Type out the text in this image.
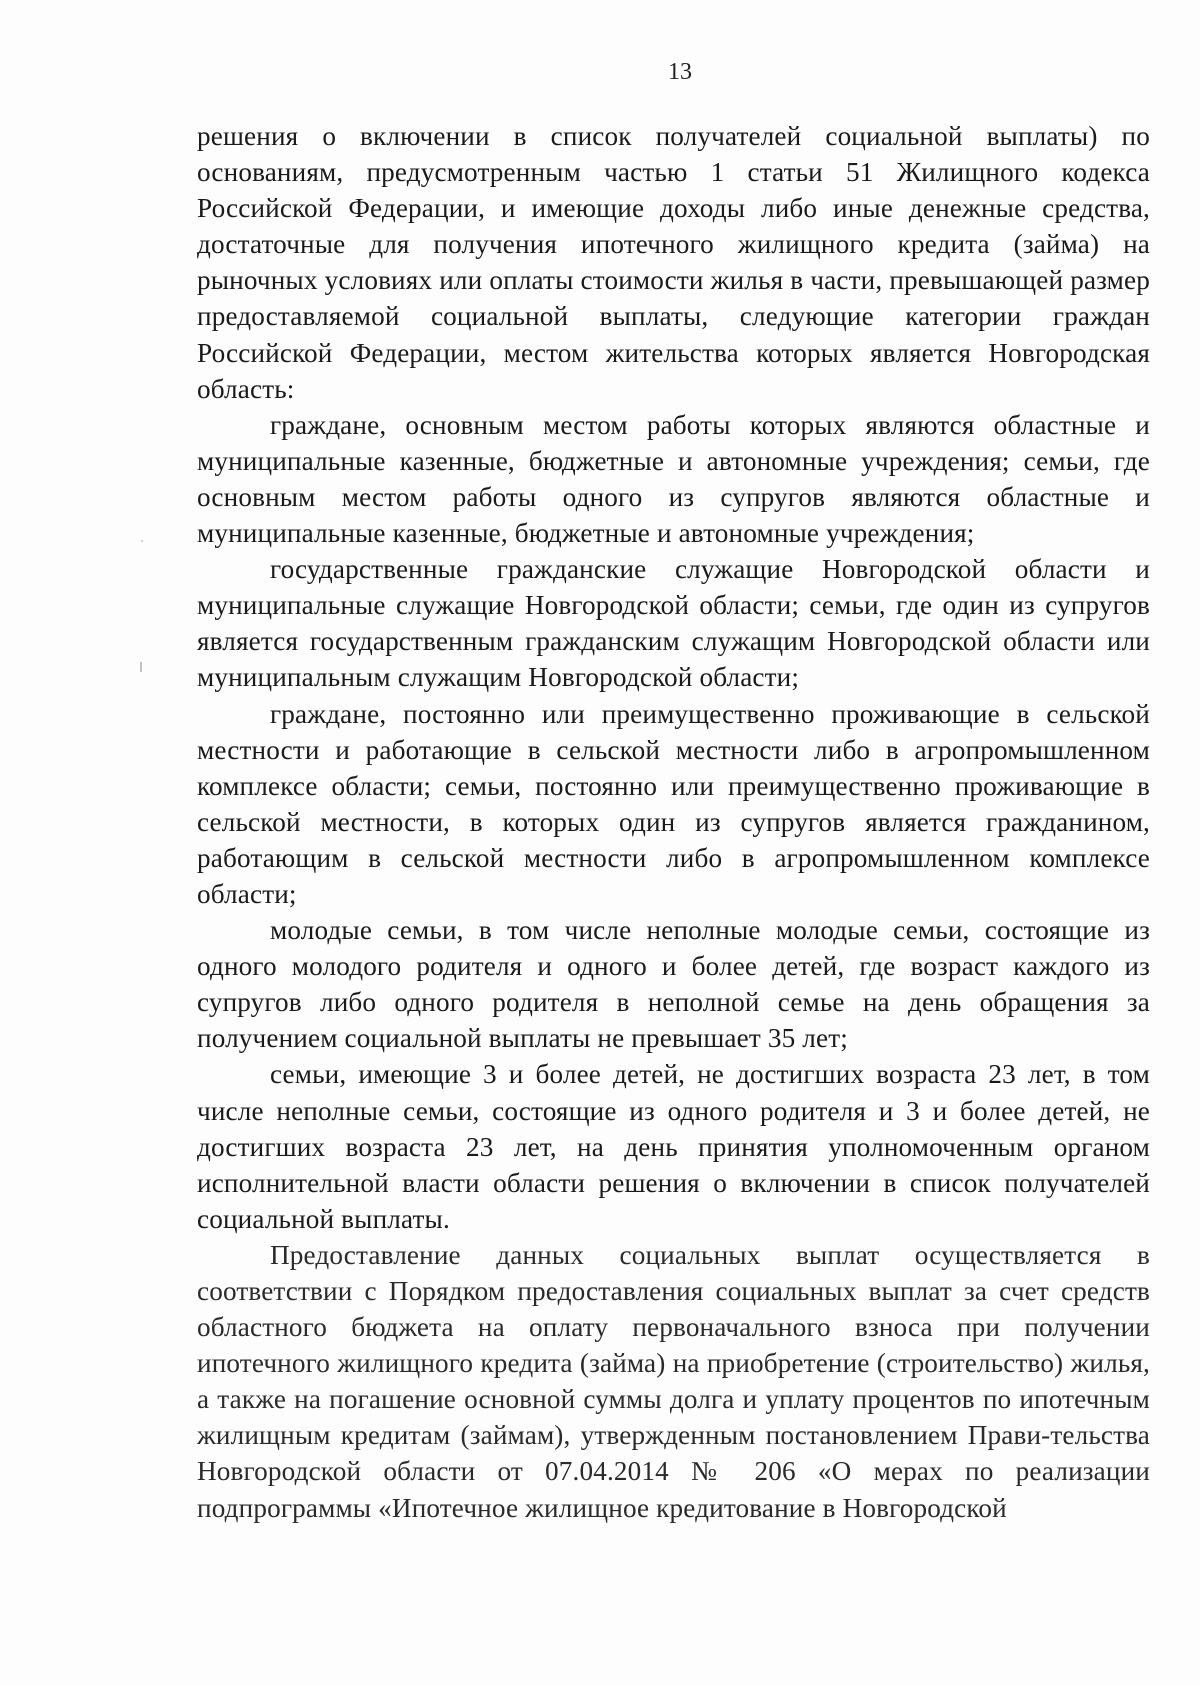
13

решения о включении в список получателей социальной выплаты) по основаниям, предусмотренным частью 1 статьи 51 Жилищного кодекса Российской Федерации, и имеющие доходы либо иные денежные средства, достаточные для получения ипотечного жилищного кредита (займа) на рыночных условиях или оплаты стоимости жилья в части, превышающей размер предоставляемой социальной выплаты, следующие категории граждан Российской Федерации, местом жительства которых является Новгородская область:

граждане, основным местом работы которых являются областные и муниципальные казенные, бюджетные и автономные учреждения; семьи, где основным местом работы одного из супругов являются областные и муниципальные казенные, бюджетные и автономные учреждения;

государственные гражданские служащие Новгородской области и муниципальные служащие Новгородской области; семьи, где один из супругов является государственным гражданским служащим Новгородской области или муниципальным служащим Новгородской области;

граждане, постоянно или преимущественно проживающие в сельской местности и работающие в сельской местности либо в агропромышленном комплексе области; семьи, постоянно или преимущественно проживающие в сельской местности, в которых один из супругов является гражданином, работающим в сельской местности либо в агропромышленном комплексе области;

молодые семьи, в том числе неполные молодые семьи, состоящие из одного молодого родителя и одного и более детей, где возраст каждого из супругов либо одного родителя в неполной семье на день обращения за получением социальной выплаты не превышает 35 лет;

семьи, имеющие 3 и более детей, не достигших возраста 23 лет, в том числе неполные семьи, состоящие из одного родителя и 3 и более детей, не достигших возраста 23 лет, на день принятия уполномоченным органом исполнительной власти области решения о включении в список получателей социальной выплаты.

Предоставление данных социальных выплат осуществляется в соответствии с Порядком предоставления социальных выплат за счет средств областного бюджета на оплату первоначального взноса при получении ипотечного жилищного кредита (займа) на приобретение (строительство) жилья, а также на погашение основной суммы долга и уплату процентов по ипотечным жилищным кредитам (займам), утвержденным постановлением Прави-тельства Новгородской области от 07.04.2014 № 206 «О мерах по реализации подпрограммы «Ипотечное жилищное кредитование в Новгородской
